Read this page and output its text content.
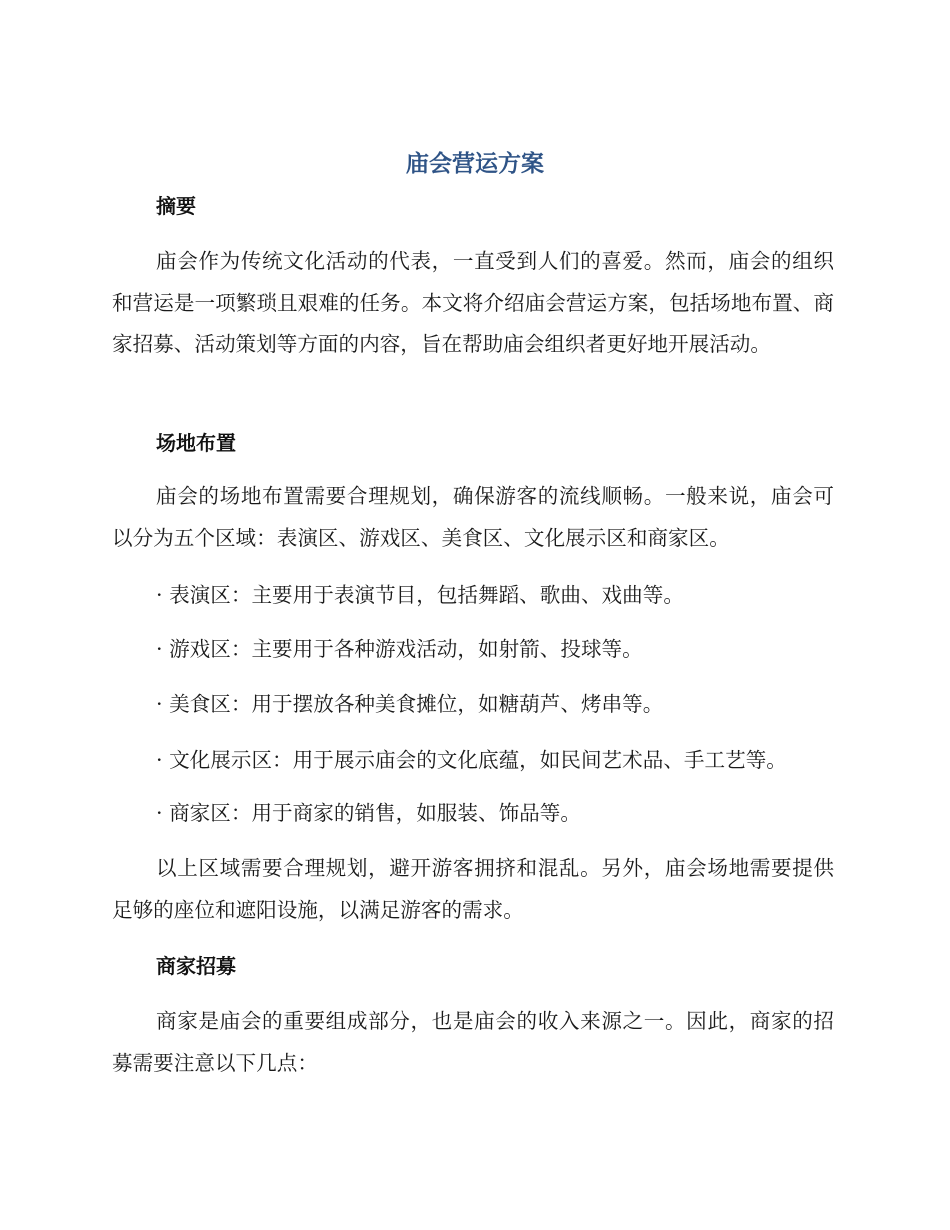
庙会营运方案
摘要

庙会作为传统文化活动的代表，一直受到人们的喜爱。然而，庙会的组织和营运是一项繁琐且艰难的任务。本文将介绍庙会营运方案，包括场地布置、商家招募、活动策划等方面的内容，旨在帮助庙会组织者更好地开展活动。

场地布置

庙会的场地布置需要合理规划，确保游客的流线顺畅。一般来说，庙会可以分为五个区域：表演区、游戏区、美食区、文化展示区和商家区。

· 表演区：主要用于表演节目，包括舞蹈、歌曲、戏曲等。

· 游戏区：主要用于各种游戏活动，如射箭、投球等。

· 美食区：用于摆放各种美食摊位，如糖葫芦、烤串等。

· 文化展示区：用于展示庙会的文化底蕴，如民间艺术品、手工艺等。

· 商家区：用于商家的销售，如服装、饰品等。

以上区域需要合理规划，避开游客拥挤和混乱。另外，庙会场地需要提供足够的座位和遮阳设施，以满足游客的需求。

商家招募

商家是庙会的重要组成部分，也是庙会的收入来源之一。因此，商家的招募需要注意以下几点：
